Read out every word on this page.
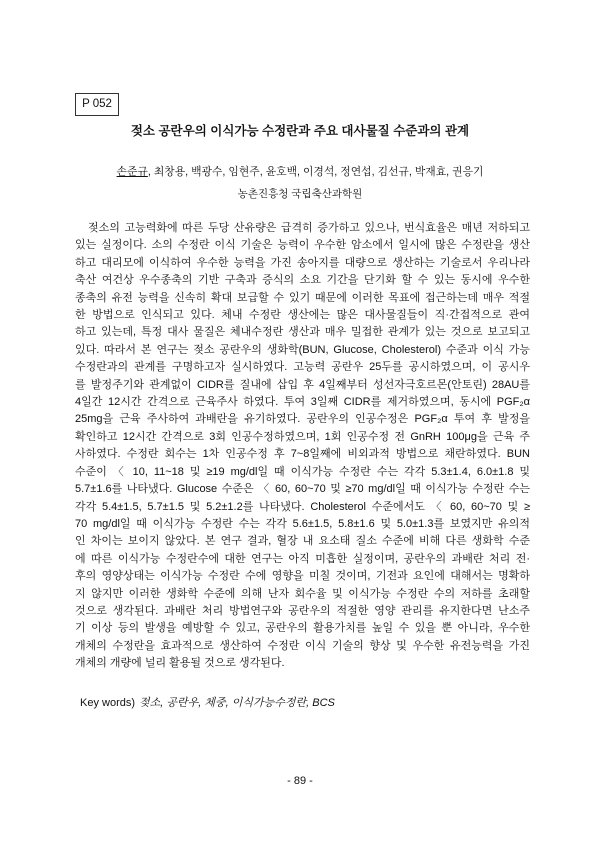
P 052
젖소 공란우의 이식가능 수정란과 주요 대사물질 수준과의 관계
손준규, 최창용, 백광수, 임현주, 윤호백, 이경석, 정연섭, 김선규, 박재효, 권응기
농촌진흥청 국립축산과학원
젖소의 고능력화에 따른 두당 산유량은 급격히 증가하고 있으나, 번식효율은 매년 저하되고
있는 실정이다. 소의 수정란 이식 기술은 능력이 우수한 암소에서 일시에 많은 수정란을 생산
하고 대리모에 이식하여 우수한 능력을 가진 송아지를 대량으로 생산하는 기술로서 우리나라
축산 여건상 우수종축의 기반 구축과 증식의 소요 기간을 단기화 할 수 있는 동시에 우수한
종축의 유전 능력을 신속히 확대 보급할 수 있기 때문에 이러한 목표에 접근하는데 매우 적절
한 방법으로 인식되고 있다. 체내 수정란 생산에는 많은 대사물질들이 직·간접적으로 관여
하고 있는데, 특정 대사 물질은 체내수정란 생산과 매우 밀접한 관계가 있는 것으로 보고되고
있다. 따라서 본 연구는 젖소 공란우의 생화학(BUN, Glucose, Cholesterol) 수준과 이식 가능
수정란과의 관계를 구명하고자 실시하였다. 고능력 공란우 25두를 공시하였으며, 이 공시우
를 발정주기와 관계없이 CIDR를 질내에 삽입 후 4일째부터 성선자극호르몬(안토린) 28AU를
4일간 12시간 간격으로 근육주사 하였다. 투여 3일째 CIDR를 제거하였으며, 동시에 PGF₂α
25mg을 근육 주사하여 과배란을 유기하였다. 공란우의 인공수정은 PGF₂α 투여 후 발정을
확인하고 12시간 간격으로 3회 인공수정하였으며, 1회 인공수정 전 GnRH 100μg을 근육 주
사하였다. 수정란 회수는 1차 인공수정 후 7~8일째에 비외과적 방법으로 채란하였다. BUN
수준이 〈 10, 11~18 및 ≥19 mg/dl일 때 이식가능 수정란 수는 각각 5.3±1.4, 6.0±1.8 및
5.7±1.6를 나타냈다. Glucose 수준은 〈 60, 60~70 및 ≥70 mg/dl일 때 이식가능 수정란 수는
각각 5.4±1.5, 5.7±1.5 및 5.2±1.2를 나타냈다. Cholesterol 수준에서도 〈 60, 60~70 및 ≥
70 mg/dl일 때 이식가능 수정란 수는 각각 5.6±1.5, 5.8±1.6 및 5.0±1.3를 보였지만 유의적
인 차이는 보이지 않았다. 본 연구 결과, 혈장 내 요소태 질소 수준에 비해 다른 생화학 수준
에 따른 이식가능 수정란수에 대한 연구는 아직 미흡한 실정이며, 공란우의 과배란 처리 전·
후의 영양상태는 이식가능 수정란 수에 영향을 미칠 것이며, 기전과 요인에 대해서는 명확하
지 않지만 이러한 생화학 수준에 의해 난자 회수율 및 이식가능 수정란 수의 저하를 초래할
것으로 생각된다. 과배란 처리 방법연구와 공란우의 적절한 영양 관리를 유지한다면 난소주
기 이상 등의 발생을 예방할 수 있고, 공란우의 활용가치를 높일 수 있을 뿐 아니라, 우수한
개체의 수정란을 효과적으로 생산하여 수정란 이식 기술의 향상 및 우수한 유전능력을 가진
개체의 개량에 널리 활용될 것으로 생각된다.
Key words) 젖소, 공란우, 체중, 이식가능수정란, BCS
- 89 -
